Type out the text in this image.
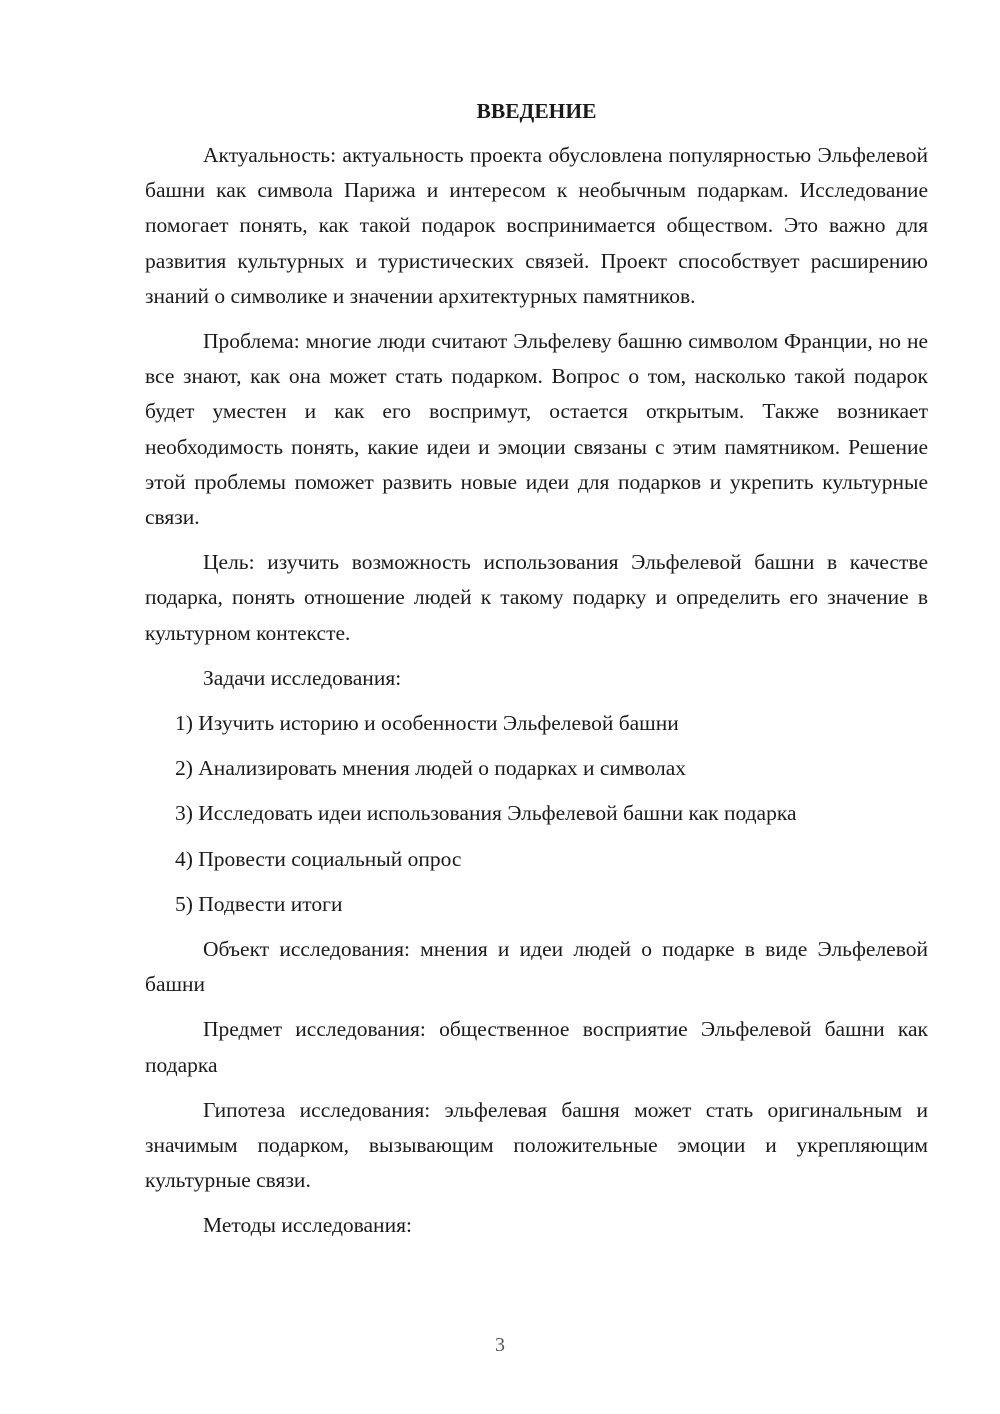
ВВЕДЕНИЕ

Актуальность: актуальность проекта обусловлена популярностью Эльфелевой башни как символа Парижа и интересом к необычным подаркам. Исследование помогает понять, как такой подарок воспринимается обществом. Это важно для развития культурных и туристических связей. Проект способствует расширению знаний о символике и значении архитектурных памятников.

Проблема: многие люди считают Эльфелеву башню символом Франции, но не все знают, как она может стать подарком. Вопрос о том, насколько такой подарок будет уместен и как его воспримут, остается открытым. Также возникает необходимость понять, какие идеи и эмоции связаны с этим памятником. Решение этой проблемы поможет развить новые идеи для подарков и укрепить культурные связи.

Цель: изучить возможность использования Эльфелевой башни в качестве подарка, понять отношение людей к такому подарку и определить его значение в культурном контексте.

Задачи исследования:

1) Изучить историю и особенности Эльфелевой башни
2) Анализировать мнения людей о подарках и символах
3) Исследовать идеи использования Эльфелевой башни как подарка
4) Провести социальный опрос
5) Подвести итоги

Объект исследования: мнения и идеи людей о подарке в виде Эльфелевой башни

Предмет исследования: общественное восприятие Эльфелевой башни как подарка

Гипотеза исследования: эльфелевая башня может стать оригинальным и значимым подарком, вызывающим положительные эмоции и укрепляющим культурные связи.

Методы исследования:

3
